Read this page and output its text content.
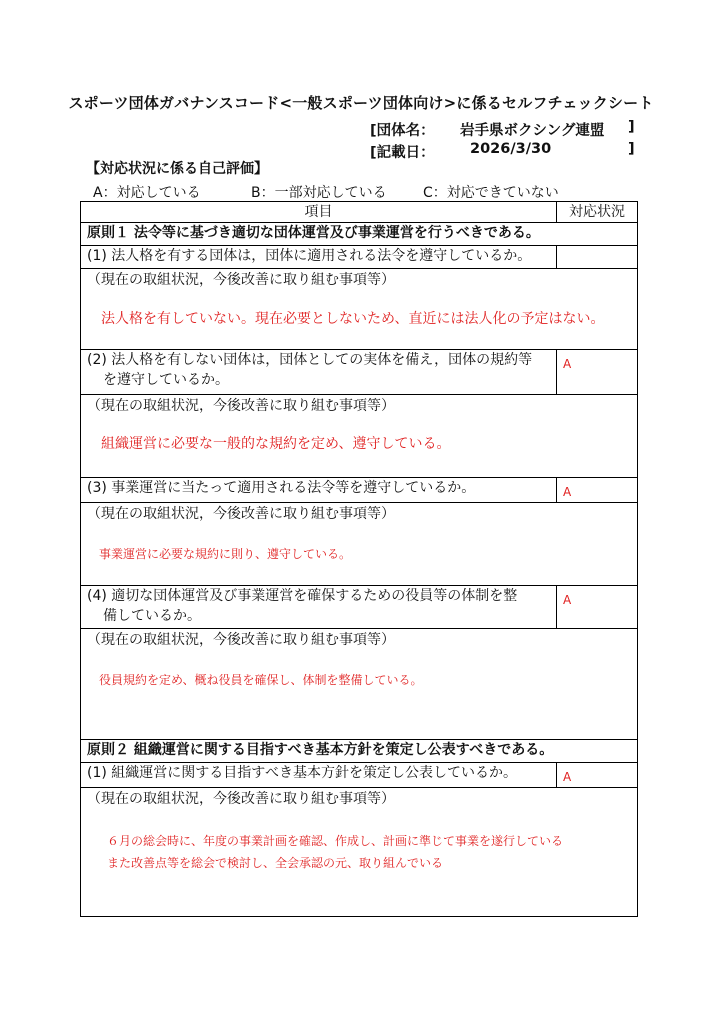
スポーツ団体ガバナンスコード<一般スポーツ団体向け>に係るセルフチェックシート
[団体名： 岩手県ボクシング連盟 ]
[記載日： 2026/3/30	]
【対応状況に係る自己評価】
A：対応している	B：一部対応している	C：対応できていない
項目	対応状況
原則１ 法令等に基づき適切な団体運営及び事業運営を行うべきである。	
(1) 法人格を有する団体は，団体に適用される法令を遵守しているか。	

（現在の取組状況，今後改善に取り組む事項等）
法人格を有していない。現在必要としないため、直近には法人化の予定はない。	

(2) 法人格を有しない団体は，団体としての実体を備え，団体の規約等
を遵守しているか。	A

（現在の取組状況，今後改善に取り組む事項等）
組織運営に必要な一般的な規約を定め、遵守している。	

(3) 事業運営に当たって適用される法令等を遵守しているか。	A

（現在の取組状況，今後改善に取り組む事項等）
事業運営に必要な規約に則り、遵守している。	

(4) 適切な団体運営及び事業運営を確保するための役員等の体制を整
備しているか。	A

（現在の取組状況，今後改善に取り組む事項等）
役員規約を定め、概ね役員を確保し、体制を整備している。	

原則２ 組織運営に関する目指すべき基本方針を策定し公表すべきである。	
(1) 組織運営に関する目指すべき基本方針を策定し公表しているか。	A

（現在の取組状況，今後改善に取り組む事項等）
６月の総会時に、年度の事業計画を確認、作成し、計画に準じて事業を遂行している
また改善点等を総会で検討し、全会承認の元、取り組んでいる	
